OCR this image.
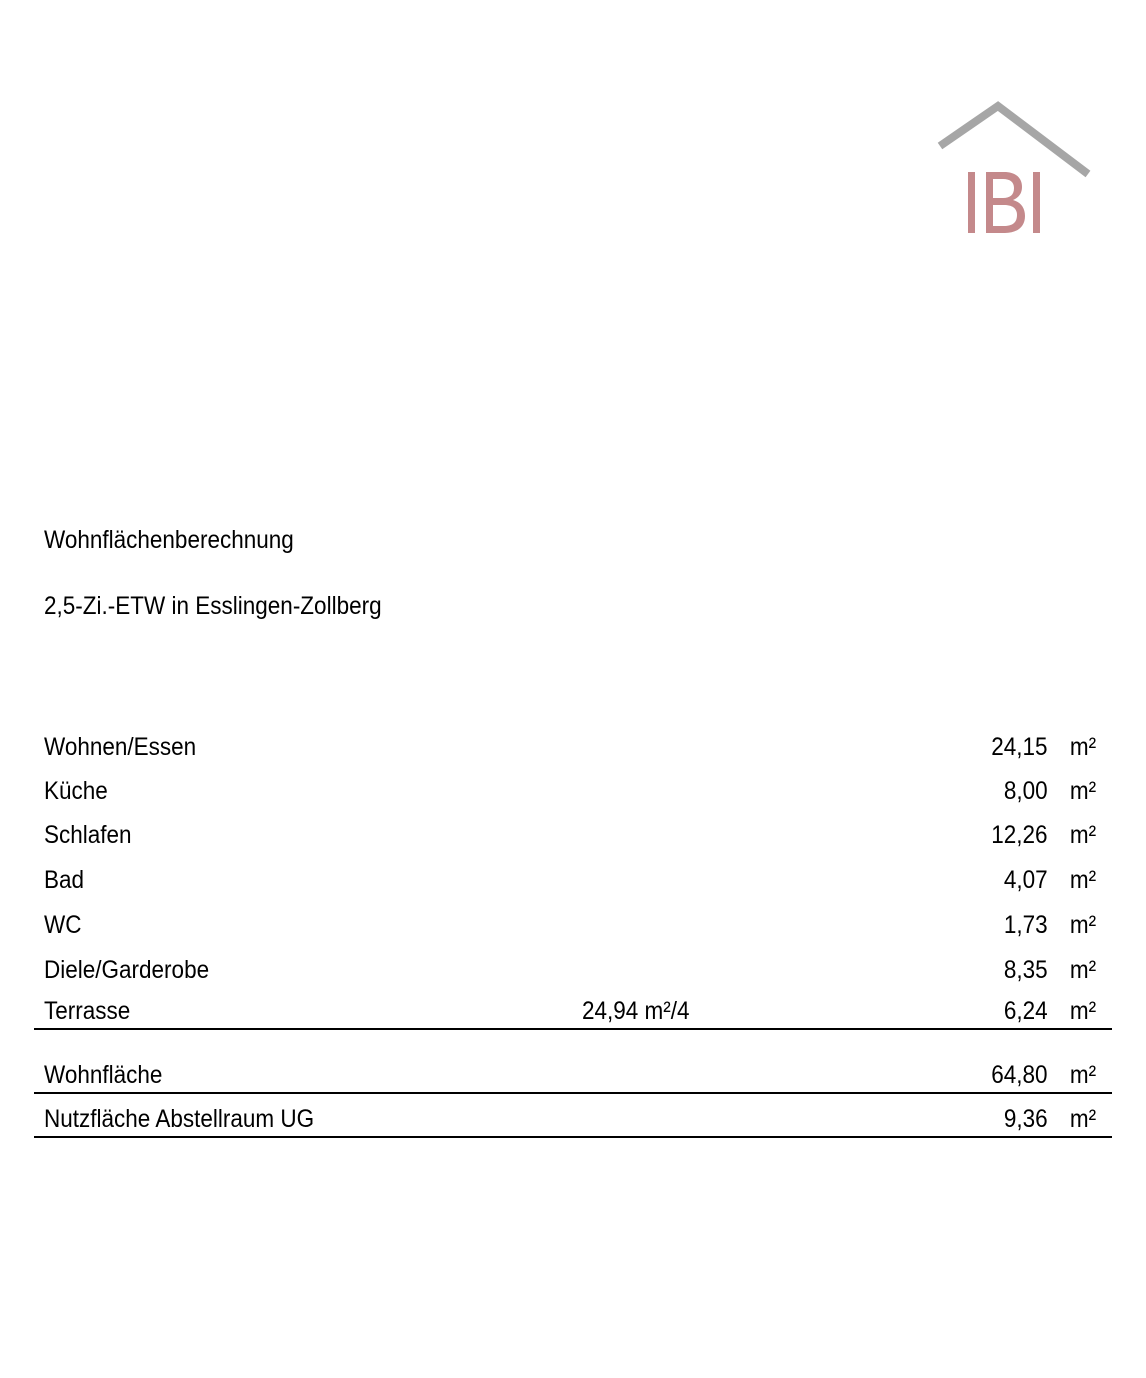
Wohnflächenberechnung
2,5-Zi.-ETW in Esslingen-Zollberg
Wohnen/Essen	24,15 m²
Küche	8,00 m²
Schlafen	12,26 m²
Bad	4,07 m²
WC	1,73 m²
Diele/Garderobe	8,35 m²
Terrasse	24,94 m²/4	6,24 m²
Wohnfläche	64,80 m²
Nutzfläche Abstellraum UG	9,36 m²
